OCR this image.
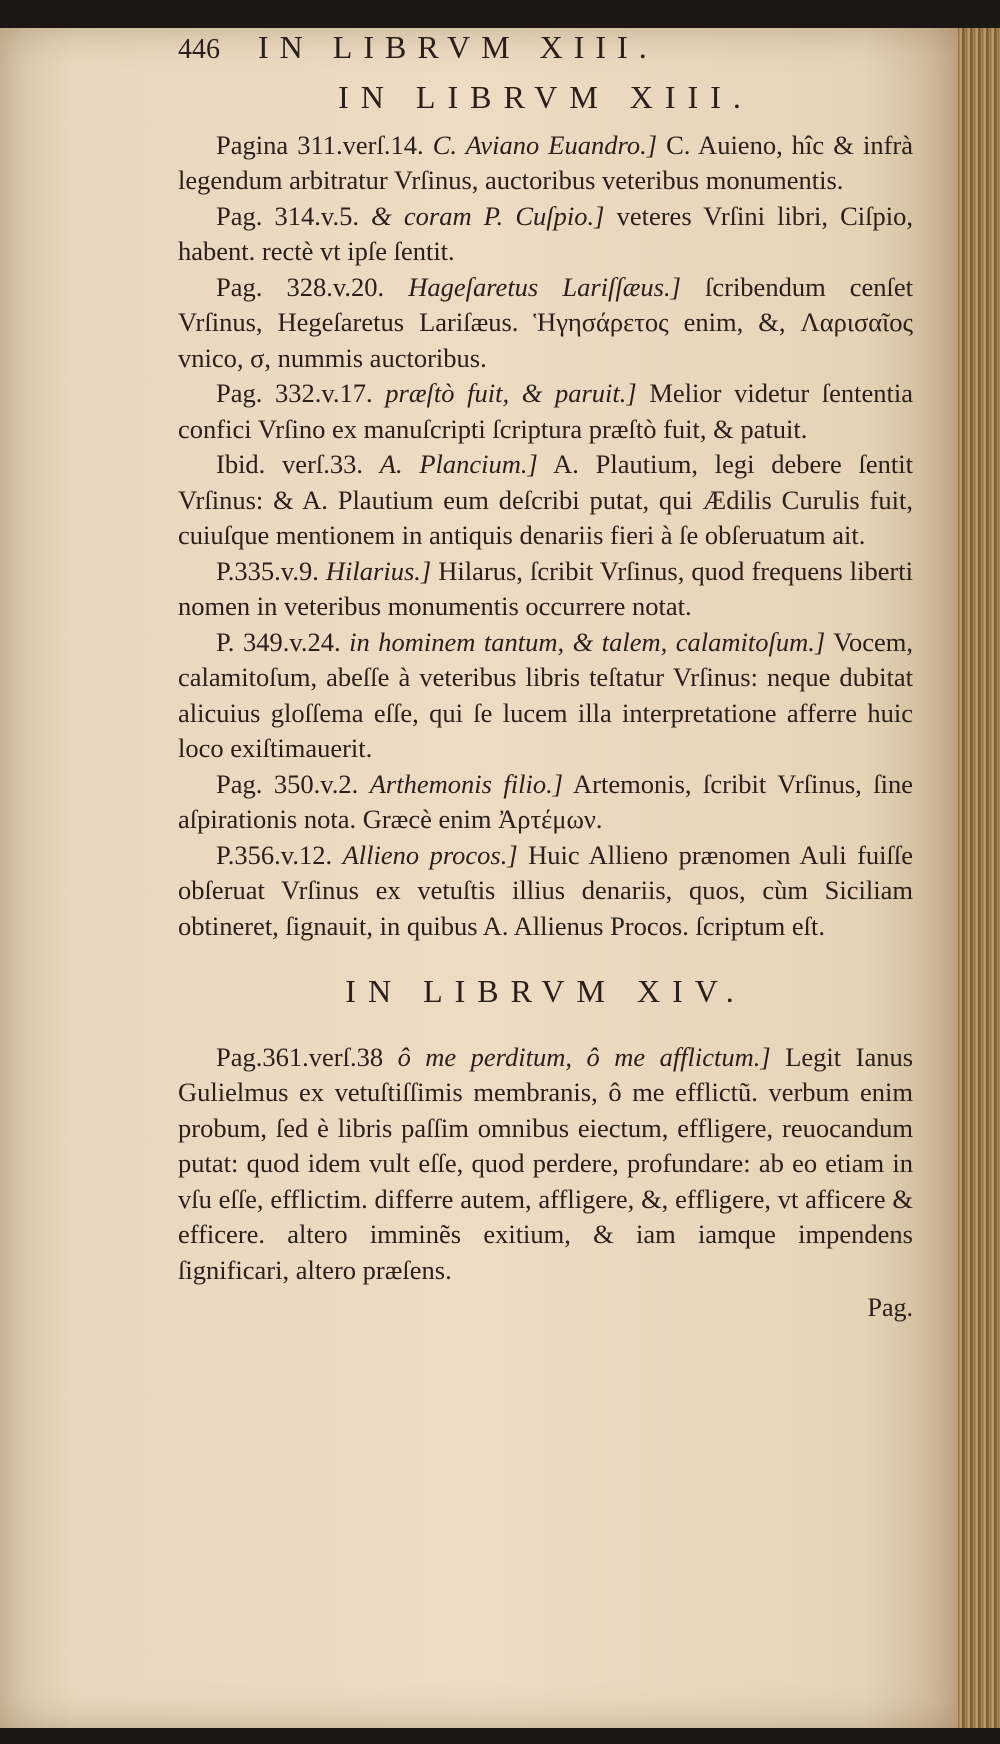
446 IN LIBRVM XIII.
IN LIBRVM XIII.

Pagina 311.verſ.14. C. Aviano Euandro.] C. Auieno, hîc & infrà legendum arbitratur Vrſinus, auctoribus veteribus monumentis.

Pag. 314.v.5. & coram P. Cuſpio.] veteres Vrſini libri, Ciſpio, habent. rectè vt ipſe ſentit.

Pag. 328.v.20. Hageſaretus Lariſſæus.] ſcribendum cenſet Vrſinus, Hegeſaretus Lariſæus. Ἡγησάρετος enim, &, Λαρισαῖος vnico, σ, nummis auctoribus.

Pag. 332.v.17. præſtò fuit, & paruit.] Melior videtur ſententia confici Vrſino ex manuſcripti ſcriptura præſtò fuit, & patuit.

Ibid. verſ.33. A. Plancium.] A. Plautium, legi debere ſentit Vrſinus: & A. Plautium eum deſcribi putat, qui Ædilis Curulis fuit, cuiuſque mentionem in antiquis denariis fieri à ſe obſeruatum ait.

P.335.v.9. Hilarius.] Hilarus, ſcribit Vrſinus, quod frequens liberti nomen in veteribus monumentis occurrere notat.

P. 349.v.24. in hominem tantum, & talem, calamitoſum.] Vocem, calamitoſum, abeſſe à veteribus libris teſtatur Vrſinus: neque dubitat alicuius gloſſema eſſe, qui ſe lucem illa interpretatione afferre huic loco exiſtimauerit.

Pag. 350.v.2. Arthemonis filio.] Artemonis, ſcribit Vrſinus, ſine aſpirationis nota. Græcè enim Ἀρτέμων.

P.356.v.12. Allieno procos.] Huic Allieno prænomen Auli fuiſſe obſeruat Vrſinus ex vetuſtis illius denariis, quos, cùm Siciliam obtineret, ſignauit, in quibus A. Allienus Procos. ſcriptum eſt.

IN LIBRVM XIV.

Pag.361.verſ.38 ô me perditum, ô me afflictum.] Legit Ianus Gulielmus ex vetuſtiſſimis membranis, ô me efflictũ. verbum enim probum, ſed è libris paſſim omnibus eiectum, effligere, reuocandum putat: quod idem vult eſſe, quod perdere, profundare: ab eo etiam in vſu eſſe, efflictim. differre autem, affligere, &, effligere, vt afficere & efficere. altero imminẽs exitium, & iam iamque impendens ſignificari, altero præſens.

Pag.
